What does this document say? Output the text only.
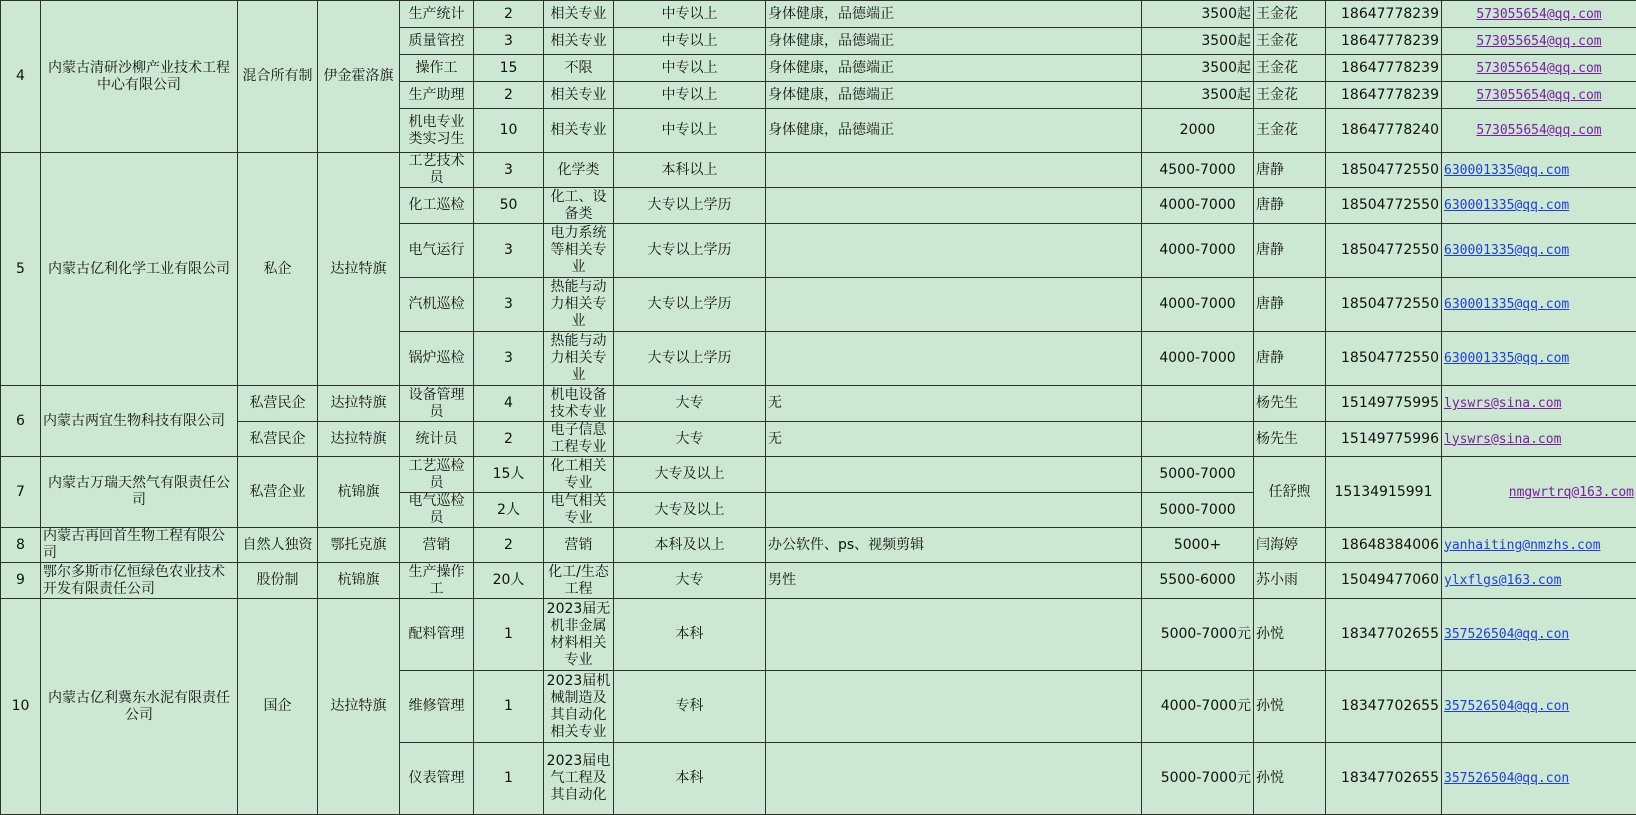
4	内蒙古清研沙柳产业技术工程中心有限公司	混合所有制	伊金霍洛旗	生产统计	2	相关专业	中专以上	身体健康，品德端正	3500起	王金花	18647778239	573055654@qq.com
				质量管控	3	相关专业	中专以上	身体健康，品德端正	3500起	王金花	18647778239	573055654@qq.com
				操作工	15	不限	中专以上	身体健康，品德端正	3500起	王金花	18647778239	573055654@qq.com
				生产助理	2	相关专业	中专以上	身体健康，品德端正	3500起	王金花	18647778239	573055654@qq.com
				机电专业类实习生	10	相关专业	中专以上	身体健康，品德端正	2000	王金花	18647778240	573055654@qq.com
5	内蒙古亿利化学工业有限公司	私企	达拉特旗	工艺技术员	3	化学类	本科以上		4500-7000	唐静	18504772550	630001335@qq.com
				化工巡检	50	化工、设备类	大专以上学历		4000-7000	唐静	18504772550	630001335@qq.com
				电气运行	3	电力系统等相关专业	大专以上学历		4000-7000	唐静	18504772550	630001335@qq.com
				汽机巡检	3	热能与动力相关专业	大专以上学历		4000-7000	唐静	18504772550	630001335@qq.com
				锅炉巡检	3	热能与动力相关专业	大专以上学历		4000-7000	唐静	18504772550	630001335@qq.com
6	内蒙古两宜生物科技有限公司	私营民企	达拉特旗	设备管理员	4	机电设备技术专业	大专	无		杨先生	15149775995	lyswrs@sina.com
		私营民企	达拉特旗	统计员	2	电子信息工程专业	大专	无		杨先生	15149775996	lyswrs@sina.com
7	内蒙古万瑞天然气有限责任公司	私营企业	杭锦旗	工艺巡检员	15人	化工相关专业	大专及以上		5000-7000	任舒煦	15134915991	nmgwrtrq@163.com
				电气巡检员	2人	电气相关专业	大专及以上		5000-7000			
8	内蒙古再回首生物工程有限公司	自然人独资	鄂托克旗	营销	2	营销	本科及以上	办公软件、ps、视频剪辑	5000+	闫海婷	18648384006	yanhaiting@nmzhs.com
9	鄂尔多斯市亿恒绿色农业技术开发有限责任公司	股份制	杭锦旗	生产操作工	20人	化工/生态工程	大专	男性	5500-6000	苏小雨	15049477060	ylxflgs@163.com
10	内蒙古亿利冀东水泥有限责任公司	国企	达拉特旗	配料管理	1	2023届无机非金属材料相关专业	本科		5000-7000元	孙悦	18347702655	357526504@qq.con
				维修管理	1	2023届机械制造及其自动化相关专业	专科		4000-7000元	孙悦	18347702655	357526504@qq.con
				仪表管理	1	2023届电气工程及其自动化	本科		5000-7000元	孙悦	18347702655	357526504@qq.con
